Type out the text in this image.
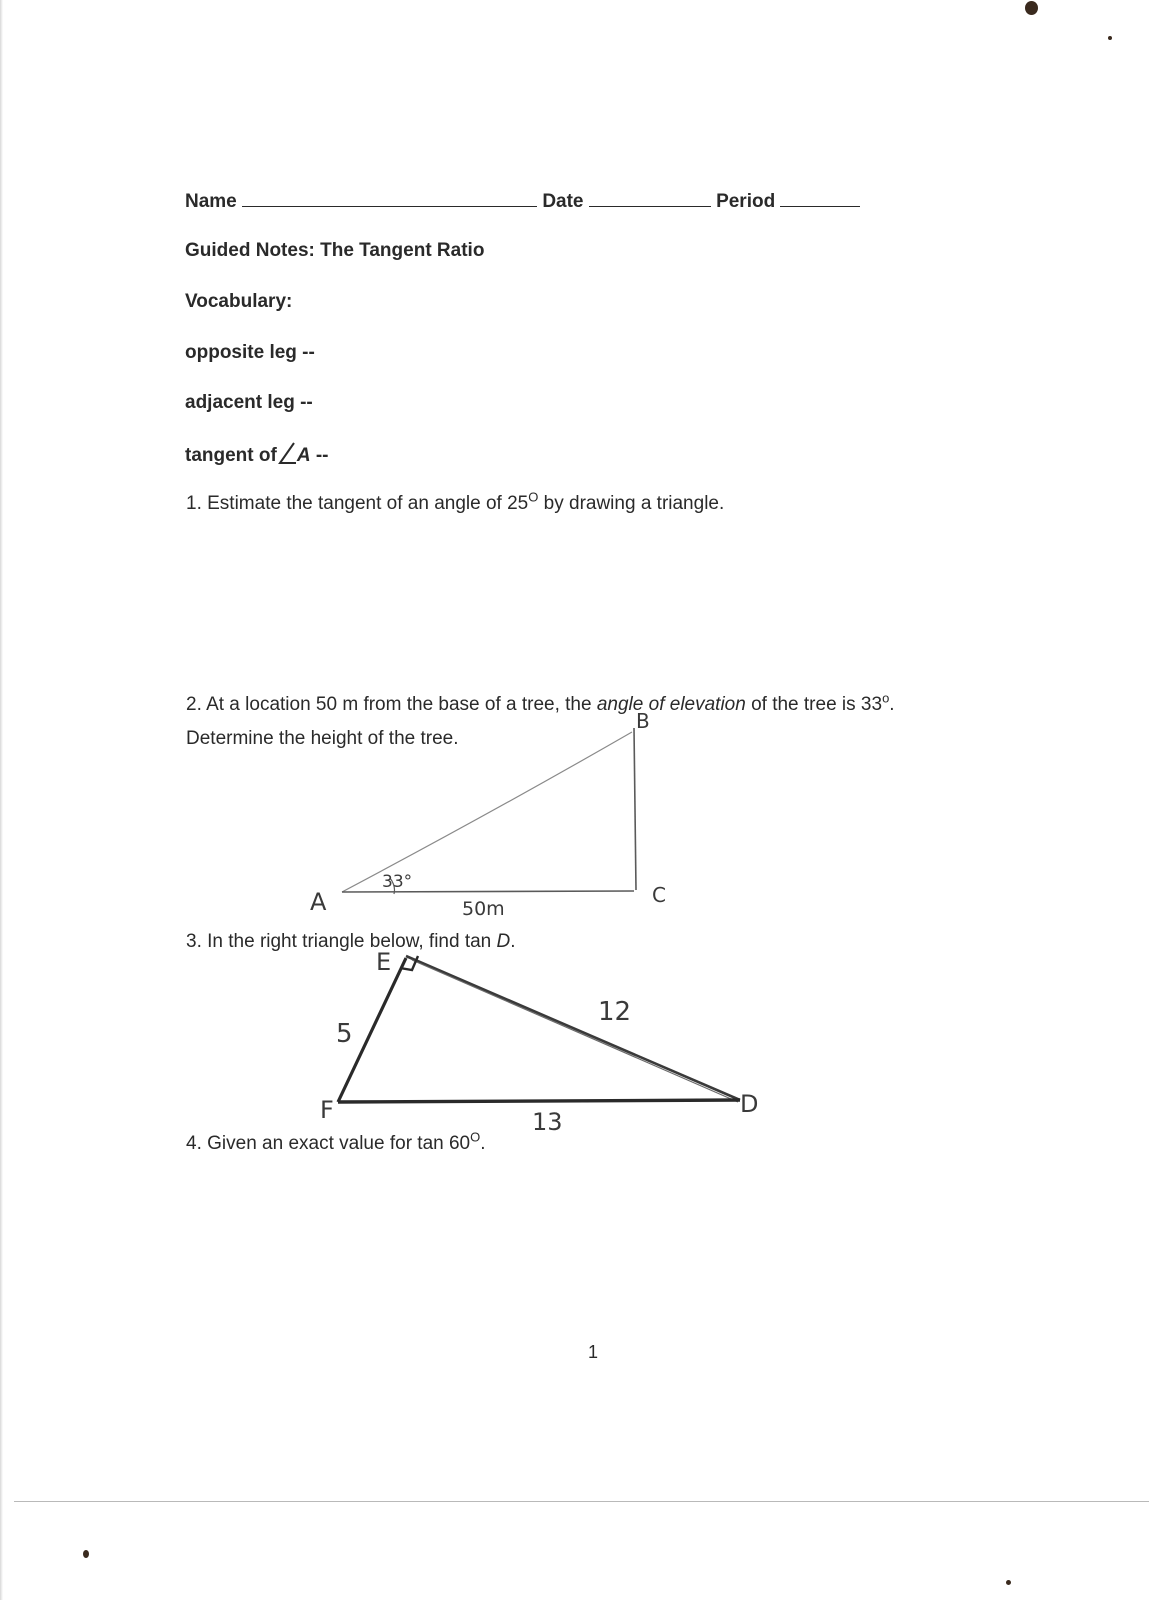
Name	Date	Period
Guided Notes: The Tangent Ratio
Vocabulary:
opposite leg --
adjacent leg --
tangent of A --
1. Estimate the tangent of an angle of $25^O$ by drawing a triangle.
2. At a location 50 m from the base of a tree, the angle of elevation of the tree is 33$^o$.
Determine the height of the tree.
A
B
C
33°
50m
3. In the right triangle below, find tan D.
E
F	D
5
12
13
4. Given an exact value for $\tan 60^O$.
1
